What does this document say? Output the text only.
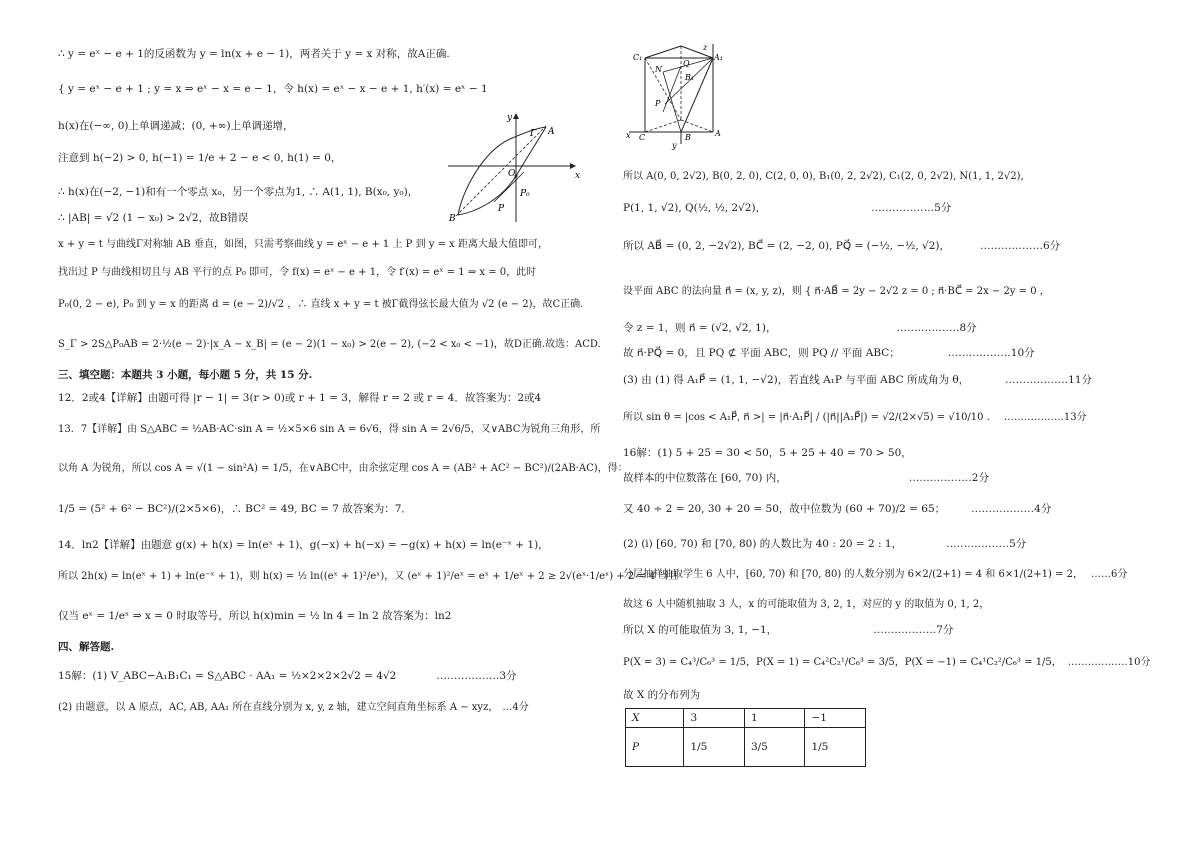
∴ y = eˣ − e + 1的反函数为 y = ln(x + e − 1)，两者关于 y = x 对称，故A正确.
{ y = eˣ − e + 1 ; y = x ⇒ eˣ − x = e − 1，令 h(x) = eˣ − x − e + 1, h′(x) = eˣ − 1
h(x)在(−∞, 0)上单调递减；(0, +∞)上单调递增，
注意到 h(−2) > 0, h(−1) = 1/e + 2 − e < 0, h(1) = 0，
∴ h(x)在(−2, −1)和有一个零点 x₀，另一个零点为1, ∴ A(1, 1), B(x₀, y₀)，
∴ |AB| = √2 (1 − x₀) > 2√2，故B错误
x + y = t 与曲线Γ对称轴 AB 垂直，如图，只需考察曲线 y = eˣ − e + 1 上 P 到 y = x 距离大最大值即可，
找出过 P 与曲线相切且与 AB 平行的点 P₀ 即可，令 f(x) = eˣ − e + 1，令 f′(x) = eˣ = 1 ⇒ x = 0，此时
P₀(0, 2 − e), P₀ 到 y = x 的距离 d = (e − 2)/√2 ，∴ 直线 x + y = t 被Γ截得弦长最大值为 √2 (e − 2)，故C正确.
S_Γ > 2S△P₀AB = 2·½(e − 2)·|x_A − x_B| = (e − 2)(1 − x₀) > 2(e − 2), (−2 < x₀ < −1)，故D正确.故选：ACD.
三、填空题：本题共 3 小题，每小题 5 分，共 15 分.
12．2或4【详解】由题可得 |r − 1| = 3(r > 0)或 r + 1 = 3，解得 r = 2 或 r = 4．故答案为：2或4
13．7【详解】由 S△ABC = ½AB·AC·sin A = ½×5×6 sin A = 6√6，得 sin A = 2√6/5，又∨ABC为锐角三角形，所
以角 A 为锐角，所以 cos A = √(1 − sin²A) = 1/5，在∨ABC中，由余弦定理 cos A = (AB² + AC² − BC²)/(2AB·AC)，得：
1/5 = (5² + 6² − BC²)/(2×5×6)，∴ BC² = 49, BC = 7 故答案为：7．
14．ln2【详解】由题意 g(x) + h(x) = ln(eˣ + 1)，g(−x) + h(−x) = −g(x) + h(x) = ln(e⁻ˣ + 1)，
所以 2h(x) = ln(eˣ + 1) + ln(e⁻ˣ + 1)，则 h(x) = ½ ln((eˣ + 1)²/eˣ)，又 (eˣ + 1)²/eˣ = eˣ + 1/eˣ + 2 ≥ 2√(eˣ·1/eˣ) + 2 = 4 当且
仅当 eˣ = 1/eˣ ⇒ x = 0 时取等号，所以 h(x)min = ½ ln 4 = ln 2 故答案为：ln2
四、解答题.
15解：(1) V_ABC−A₁B₁C₁ = S△ABC · AA₁ = ½×2×2×2√2 = 4√2	………………3分
(2) 由题意，以 A 原点，AC, AB, AA₁ 所在直线分别为 x, y, z 轴，建立空间直角坐标系 A − xyz， …4分
y
x
O
Γ A
B
P
P₀
C₁
N
Q
B₁
A₁
z
P
x C	A
B
y
所以 A(0, 0, 2√2), B(0, 2, 0), C(2, 0, 0), B₁(0, 2, 2√2), C₁(2, 0, 2√2), N(1, 1, 2√2),
P(1, 1, √2), Q(½, ½, 2√2)，	………………5分
所以 AB⃗ = (0, 2, −2√2), BC⃗ = (2, −2, 0), PQ⃗ = (−½, −½, √2)，	………………6分
设平面 ABC 的法向量 n⃗ = (x, y, z)，则 { n⃗·AB⃗ = 2y − 2√2 z = 0 ; n⃗·BC⃗ = 2x − 2y = 0 ，
令 z = 1，则 n⃗ = (√2, √2, 1)，	………………8分
故 n⃗·PQ⃗ = 0，且 PQ ⊄ 平面 ABC，则 PQ // 平面 ABC；	………………10分
(3) 由 (1) 得 A₁P⃗ = (1, 1, −√2)，若直线 A₁P 与平面 ABC 所成角为 θ，	………………11分
所以 sin θ = |cos < A₁P⃗, n⃗ >| = |n⃗·A₁P⃗| / (|n⃗||A₁P⃗|) = √2/(2×√5) = √10/10 . ………………13分
16解：(1) 5 + 25 = 30 < 50，5 + 25 + 40 = 70 > 50，
故样本的中位数落在 [60, 70) 内，	………………2分
又 40 ÷ 2 = 20, 30 + 20 = 50，故中位数为 (60 + 70)/2 = 65； ………………4分
(2) (i) [60, 70) 和 [70, 80) 的人数比为 40 : 20 = 2 : 1，	………………5分
分层抽样抽取学生 6 人中，[60, 70) 和 [70, 80) 的人数分别为 6×2/(2+1) = 4 和 6×1/(2+1) = 2， ……6分
故这 6 人中随机抽取 3 人，x 的可能取值为 3, 2, 1，对应的 y 的取值为 0, 1, 2，
所以 X 的可能取值为 3, 1, −1，	………………7分
P(X = 3) = C₄³/C₆³ = 1/5，P(X = 1) = C₄²C₂¹/C₆³ = 3/5，P(X = −1) = C₄¹C₂²/C₆³ = 1/5， ………………10分
故 X 的分布列为
X	3	1	−1
P	1/5	3/5	1/5
